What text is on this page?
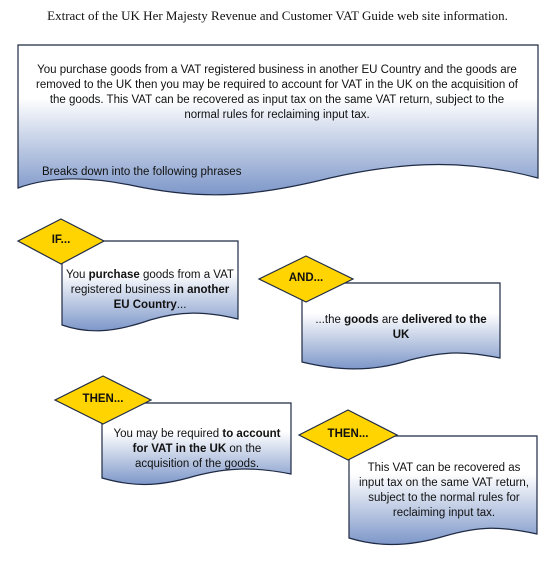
Extract of the UK Her Majesty Revenue and Customer VAT Guide web site information.
You purchase goods from a VAT registered business in another EU Country and the goods are removed to the UK then you may be required to account for VAT in the UK on the acquisition of the goods. This VAT can be recovered as input tax on the same VAT return, subject to the normal rules for reclaiming input tax.
Breaks down into the following phrases
IF...
You purchase goods from a VAT registered business in another EU Country...
AND...
...the goods are delivered to the UK
THEN...
You may be required to account for VAT in the UK on the acquisition of the goods.
THEN...
This VAT can be recovered as input tax on the same VAT return, subject to the normal rules for reclaiming input tax.
